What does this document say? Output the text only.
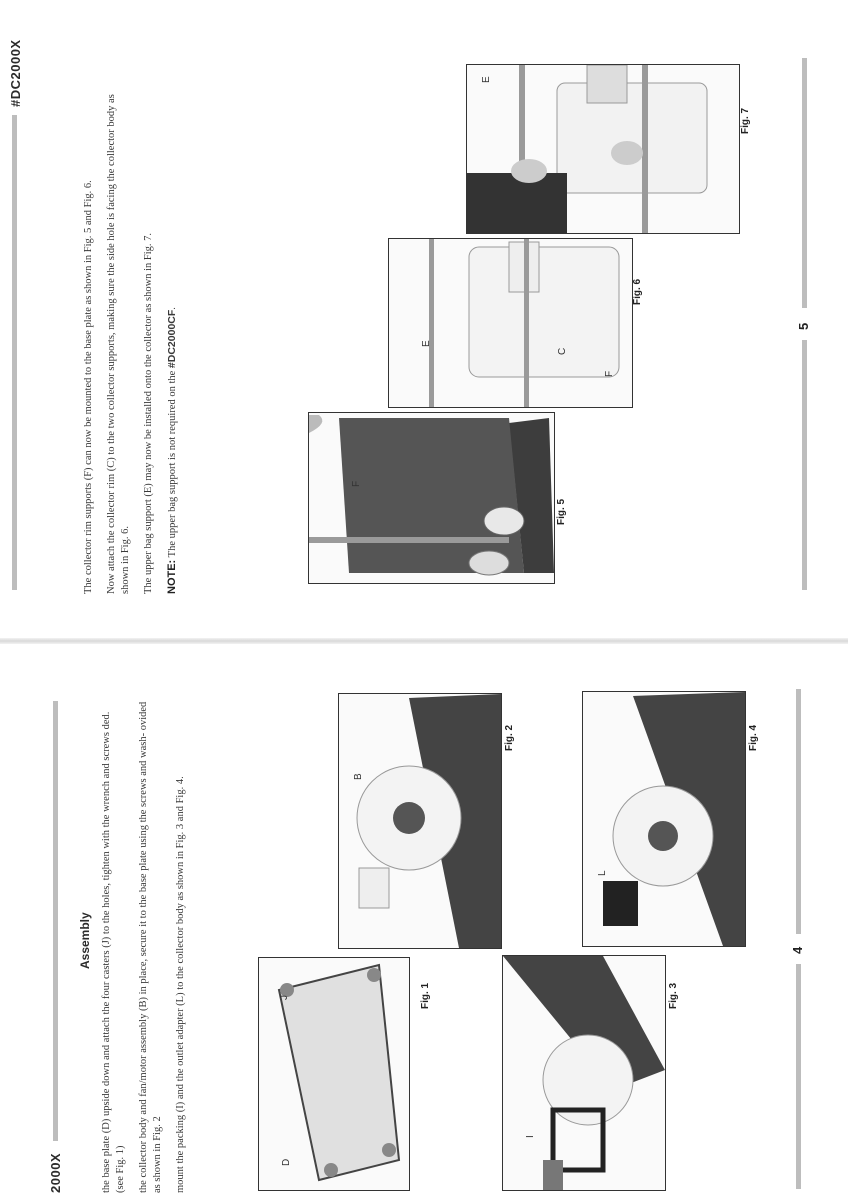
#DC2000X

The collector rim supports (F) can now be mounted to the base plate as shown in Fig. 5 and Fig. 6. Now attach the collector rim (C) to the two collector supports, making sure the side hole is facing the collector body as shown in Fig. 6. The upper bag support (E) may now be installed onto the collector as shown in Fig. 7. NOTE: The upper bag support is not required on the #DC2000CF.

F
Fig. 5
E
C
F
Fig. 6
E
Fig. 7
5
2000X
Assembly the base plate (D) upside down and attach the four casters (J) to the holes, tighten with the wrench and screws ded. (see Fig. 1) the collector body and fan/motor assembly (B) in place, secure it to the base plate using the screws and wash- ovided as shown in Fig. 2 mount the packing (I) and the outlet adapter (L) to the collector body as shown in Fig. 3 and Fig. 4.	J
D
Fig. 1
B
Fig. 2
I
Fig. 3
L
Fig. 4
4
